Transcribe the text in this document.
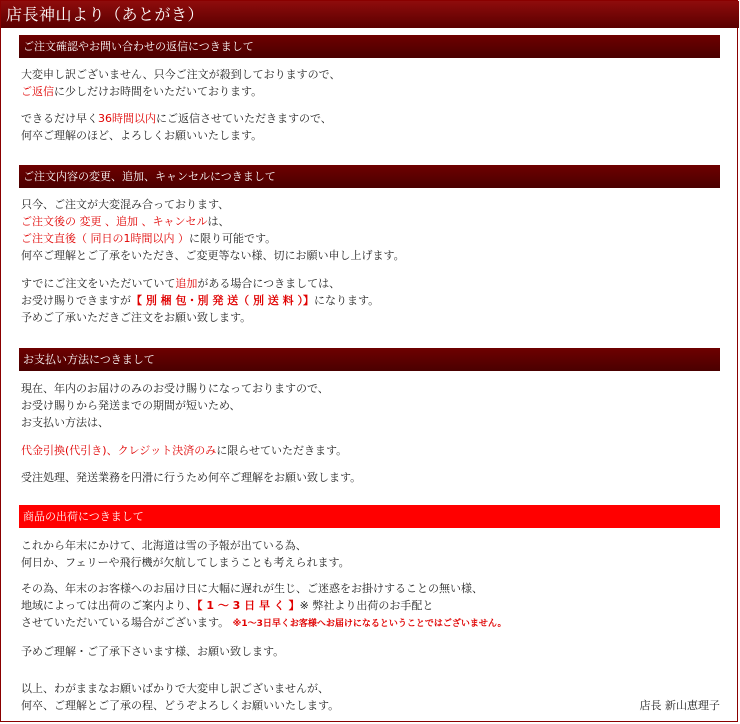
店長神山より（あとがき）
ご注文確認やお問い合わせの返信につきまして
大変申し訳ございません、只今ご注文が殺到しておりますので、
ご返信に少しだけお時間をいただいております。
できるだけ早く36時間以内にご返信させていただきますので、
何卒ご理解のほど、よろしくお願いいたします。
ご注文内容の変更、追加、キャンセルにつきまして
只今、ご注文が大変混み合っております、
ご注文後の 変更 、追加 、キャンセルは、
ご注文直後（ 同日の1時間以内 ）に限り可能です。
何卒ご理解とご了承をいただき、ご変更等ない様、切にお願い申し上げます。
すでにご注文をいただいていて追加がある場合につきましては、
お受け賜りできますが【 別 梱 包・別 発 送（ 別 送 料 ）】になります。
予めご了承いただきご注文をお願い致します。
お支払い方法につきまして
現在、年内のお届けのみのお受け賜りになっておりますので、
お受け賜りから発送までの期間が短いため、
お支払い方法は、
代金引換(代引き)、クレジット決済のみに限らせていただきます。
受注処理、発送業務を円滑に行うため何卒ご理解をお願い致します。
商品の出荷につきまして
これから年末にかけて、北海道は雪の予報が出ている為、
何日か、フェリーや飛行機が欠航してしまうことも考えられます。
その為、年末のお客様へのお届け日に大幅に遅れが生じ、ご迷惑をお掛けすることの無い様、
地域によっては出荷のご案内より、【 1 ～ 3 日 早 く 】※ 弊社より出荷のお手配と
させていただいている場合がございます。 ※1～3日早くお客様へお届けになるということではございません。
予めご理解・ご了承下さいます様、お願い致します。
以上、わがままなお願いばかりで大変申し訳ございませんが、
何卒、ご理解とご了承の程、どうぞよろしくお願いいたします。	店長 新山恵理子
